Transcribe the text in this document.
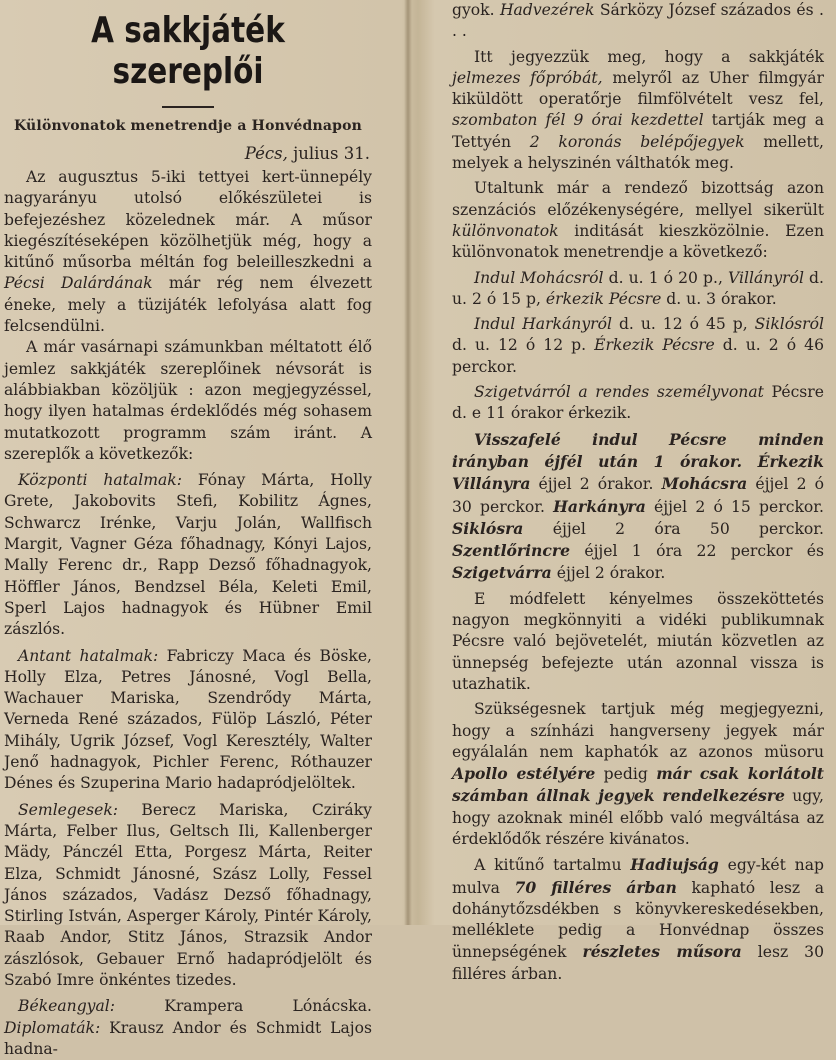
A sakkjáték szereplői
Különvonatok menetrendje a Honvédnapon
Pécs, julius 31.

Az augusztus 5-iki tettyei kert-ünnepély nagyarányu utolsó előkészületei is befejezéshez közelednek már. A műsor kiegészítéseképen közölhetjük még, hogy a kitűnő műsorba méltán fog beleilleszkedni a Pécsi Dalárdának már rég nem élvezett éneke, mely a tüzijáték lefolyása alatt fog felcsendülni.

A már vasárnapi számunkban méltatott élő jemlez sakkjáték szereplőinek névsorát is alábbiakban közöljük : azon megjegyzéssel, hogy ilyen hatalmas érdeklődés még sohasem mutatkozott programm szám iránt. A szereplők a következők:

Központi hatalmak: Fónay Márta, Holly Grete, Jakobovits Stefi, Kobilitz Ágnes, Schwarcz Irénke, Varju Jolán, Wallfisch Margit, Vagner Géza főhadnagy, Kónyi Lajos, Mally Ferenc dr., Rapp Dezső főhadnagyok, Höffler János, Bendzsel Béla, Keleti Emil, Sperl Lajos hadnagyok és Hübner Emil zászlós.

Antant hatalmak: Fabriczy Maca és Böske, Holly Elza, Petres Jánosné, Vogl Bella, Wachauer Mariska, Szendrődy Márta, Verneda René százados, Fülöp László, Péter Mihály, Ugrik József, Vogl Keresztély, Walter Jenő hadnagyok, Pichler Ferenc, Róthauzer Dénes és Szuperina Mario hadapródjelöltek.

Semlegesek: Berecz Mariska, Cziráky Márta, Felber Ilus, Geltsch Ili, Kallenberger Mädy, Pánczél Etta, Porgesz Márta, Reiter Elza, Schmidt Jánosné, Szász Lolly, Fessel János százados, Vadász Dezső főhadnagy, Stirling István, Asperger Károly, Pintér Károly, Raab Andor, Stitz János, Strazsik Andor zászlósok, Gebauer Ernő hadapródjelölt és Szabó Imre önkéntes tizedes.

Békeangyal:	Krampera Lónácska. Diplomaták: Krausz Andor és Schmidt Lajos hadna-

gyok. Hadvezérek Sárközy József százados és . . .

Itt jegyezzük meg, hogy a sakkjáték jelmezes főpróbát, melyről az Uher filmgyár kiküldött operatőrje filmfölvételt vesz fel, szombaton fél 9 órai kezdettel tartják meg a Tettyén 2 koronás belépőjegyek mellett, melyek a helyszinén válthatók meg.

Utaltunk már a rendező bizottság azon szenzációs előzékenységére, mellyel sikerült különvonatok inditását kieszközölnie. Ezen különvonatok menetrendje a következő:

Indul Mohácsról d. u. 1 ó 20 p., Villányról d. u. 2 ó 15 p, érkezik Pécsre d. u. 3 órakor.

Indul Harkányról d. u. 12 ó 45 p, Siklósról d. u. 12 ó 12 p. Érkezik Pécsre d. u. 2 ó 46 perckor.

Szigetvárról a rendes személyvonat Pécsre d. e 11 órakor érkezik.

Visszafelé indul Pécsre minden irányban éjfél után 1 órakor. Érkezik Villányra éjjel 2 órakor. Mohácsra éjjel 2 ó 30 perckor. Harkányra éjjel 2 ó 15 perckor. Siklósra éjjel 2 óra 50 perckor. Szentlőrincre éjjel 1 óra 22 perckor és Szigetvárra éjjel 2 órakor.

E módfelett kényelmes összeköttetés nagyon megkönnyiti a vidéki publikumnak Pécsre való bejövetelét, miután közvetlen az ünnepség befejezte után azonnal vissza is utazhatik.

Szükségesnek tartjuk még megjegyezni, hogy a színházi hangverseny jegyek már egyálalán nem kaphatók az azonos müsoru Apollo estélyére pedig már csak korlátolt számban állnak jegyek rendelkezésre ugy, hogy azoknak minél előbb való megváltása az érdeklődők részére kivánatos.

A kitűnő tartalmu Hadiujság egy-két nap mulva 70 filléres árban kapható lesz a dohánytőzsdékben s könyvkereskedésekben, melléklete pedig a Honvédnap összes ünnepségének részletes műsora lesz 30 filléres árban.
